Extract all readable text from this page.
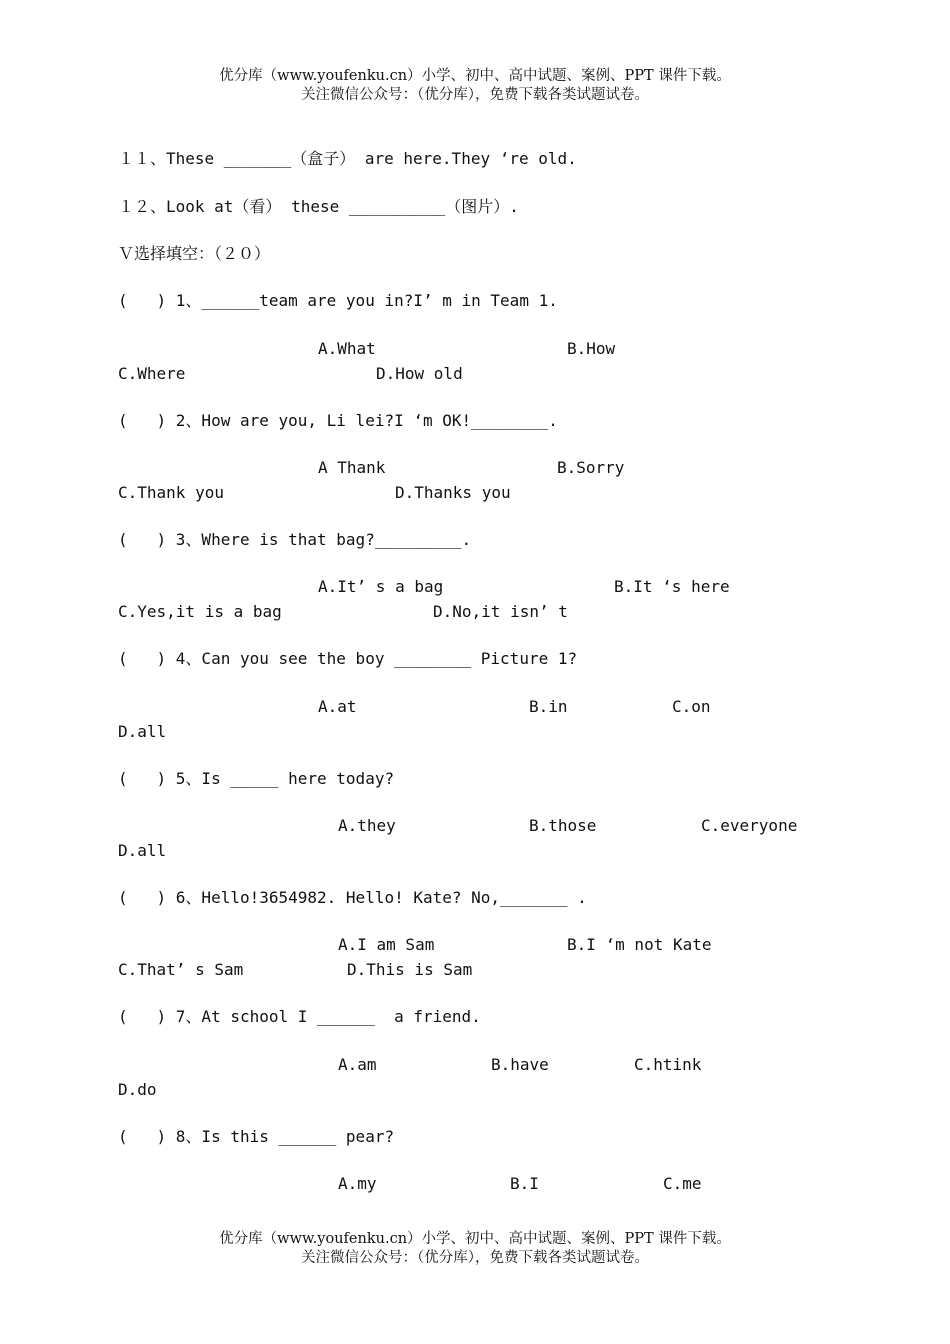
优分库（www.youfenku.cn）小学、初中、高中试题、案例、PPT 课件下载。
关注微信公众号：（优分库），免费下载各类试题试卷。
１１、These _______（盒子） are here.They ‘re old.
１２、Look at（看） these __________（图片）.
Ｖ选择填空：（２０）
(   ) 1、______team are you in?I’ m in Team 1.
A.What	B.How
C.Where	D.How old
(   ) 2、How are you, Li lei?I ‘m OK!________.
A Thank	B.Sorry
C.Thank you	D.Thanks you
(   ) 3、Where is that bag?_________.
A.It’ s a bag	B.It ‘s here
C.Yes,it is a bag	D.No,it isn’ t
(   ) 4、Can you see the boy ________ Picture 1?
A.at	B.in	C.on
D.all
(   ) 5、Is _____ here today?
A.they	B.those	C.everyone
D.all
(   ) 6、Hello!3654982. Hello! Kate? No,_______ .
A.I am Sam	B.I ‘m not Kate
C.That’ s Sam	D.This is Sam
(   ) 7、At school I ______  a friend.
A.am	B.have	C.htink
D.do
(   ) 8、Is this ______ pear?
A.my	B.I	C.me
优分库（www.youfenku.cn）小学、初中、高中试题、案例、PPT 课件下载。
关注微信公众号：（优分库），免费下载各类试题试卷。
